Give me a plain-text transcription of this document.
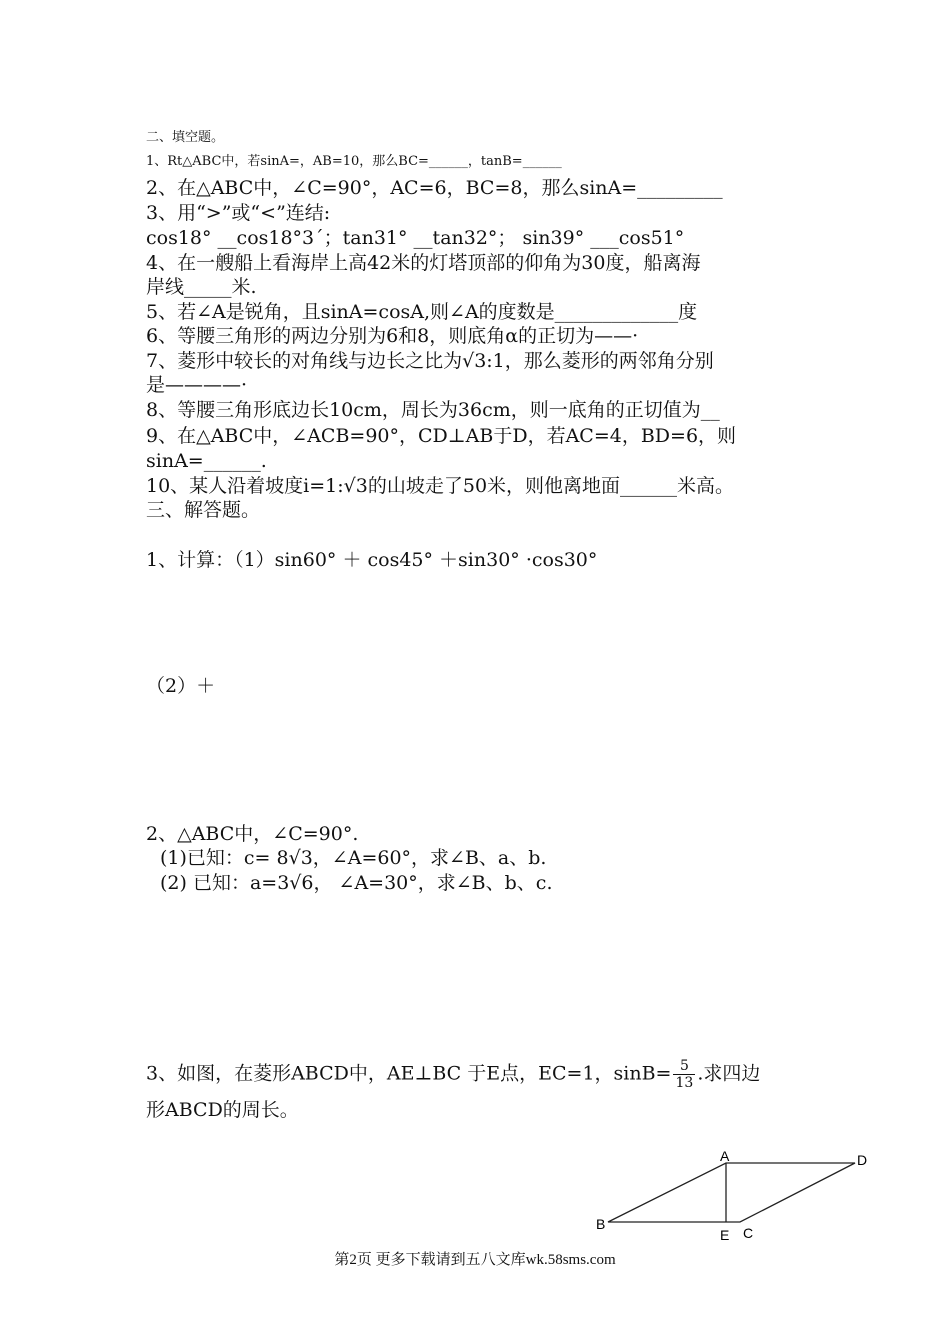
二、填空题。
1、Rt△ABC中，若sinA=，AB=10，那么BC=______，tanB=______
2、在△ABC中，∠C=90°，AC=6，BC=8，那么sinA=_________
3、用“>”或“<”连结:
cos18° __cos18°3´；tan31° __tan32°； sin39° ___cos51°
4、在一艘船上看海岸上高42米的灯塔顶部的仰角为30度，船离海
岸线_____米.
5、若∠A是锐角，且sinA=cosA,则∠A的度数是_____________度
6、等腰三角形的两边分别为6和8，则底角α的正切为——·
7、菱形中较长的对角线与边长之比为√3:1，那么菱形的两邻角分别
是————·
8、等腰三角形底边长10cm，周长为36cm，则一底角的正切值为__
9、在△ABC中，∠ACB=90°，CD⊥AB于D，若AC=4，BD=6，则
sinA=______.
10、某人沿着坡度i=1:√3的山坡走了50米，则他离地面______米高。
三、解答题。
1、计算：（1）sin60° ＋ cos45° ＋sin30° ·cos30°
（2）＋
2、△ABC中，∠C=90°.
(1)已知：c= 8√3，∠A=60°，求∠B、a、b.
(2) 已知：a=3√6， ∠A=30°，求∠B、b、c.
3、如图，在菱形ABCD中，AE⊥BC 于E点，EC=1，$\sin B= \frac{5}{13}$ .求四边
形ABCD的周长。
A	D
B
E C
第2页 更多下载请到五八文库wk.58sms.com
